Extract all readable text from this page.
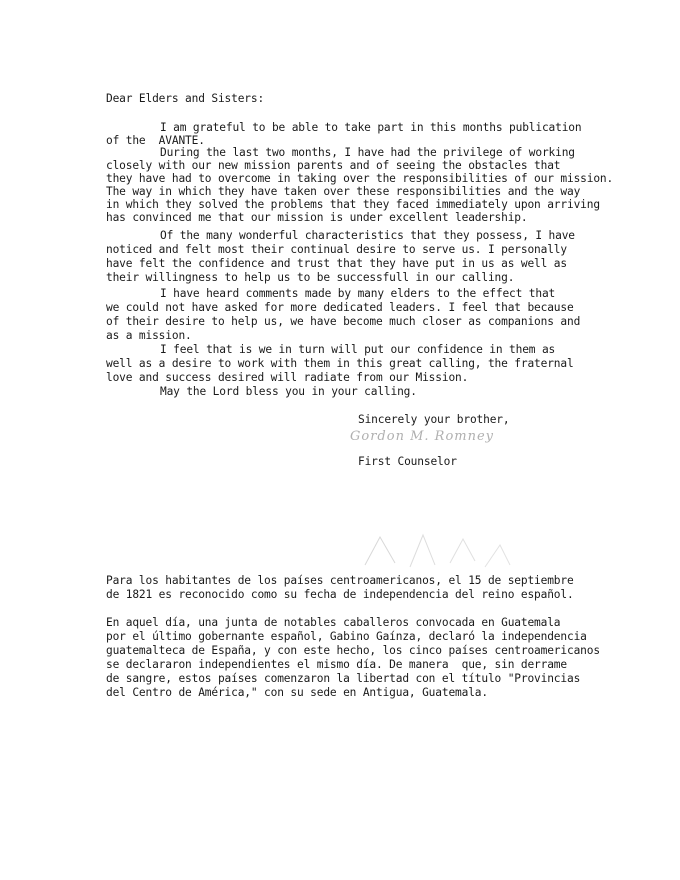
Dear Elders and Sisters:
I am grateful to be able to take part in this months publication
of the  AVANTE.
During the last two months, I have had the privilege of working
closely with our new mission parents and of seeing the obstacles that
they have had to overcome in taking over the responsibilities of our mission.
The way in which they have taken over these responsibilities and the way
in which they solved the problems that they faced immediately upon arriving
has convinced me that our mission is under excellent leadership.
Of the many wonderful characteristics that they possess, I have
noticed and felt most their continual desire to serve us. I personally
have felt the confidence and trust that they have put in us as well as
their willingness to help us to be successfull in our calling.
I have heard comments made by many elders to the effect that
we could not have asked for more dedicated leaders. I feel that because
of their desire to help us, we have become much closer as companions and
as a mission.
I feel that is we in turn will put our confidence in them as
well as a desire to work with them in this great calling, the fraternal
love and success desired will radiate from our Mission.
May the Lord bless you in your calling.
Sincerely your brother,
Gordon M. Romney
First Counselor
Para los habitantes de los países centroamericanos, el 15 de septiembre
de 1821 es reconocido como su fecha de independencia del reino español.
En aquel día, una junta de notables caballeros convocada en Guatemala
por el último gobernante español, Gabino Gaínza, declaró la independencia
guatemalteca de España, y con este hecho, los cinco países centroamericanos
se declararon independientes el mismo día. De manera  que, sin derrame
de sangre, estos países comenzaron la libertad con el título "Provincias
del Centro de América," con su sede en Antigua, Guatemala.
